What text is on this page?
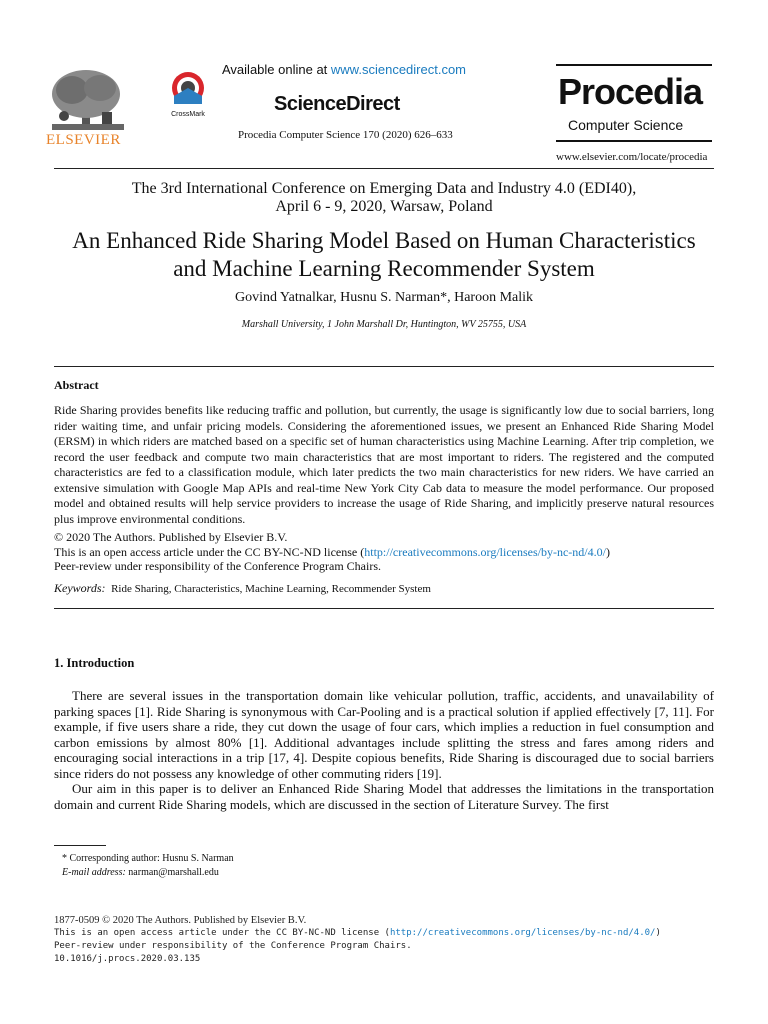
ELSEVIER
CrossMark
Available online at www.sciencedirect.com
ScienceDirect
Procedia Computer Science 170 (2020) 626–633
Procedia
Computer Science
www.elsevier.com/locate/procedia
The 3rd International Conference on Emerging Data and Industry 4.0 (EDI40),
April 6 - 9, 2020, Warsaw, Poland
An Enhanced Ride Sharing Model Based on Human Characteristics
and Machine Learning Recommender System
Govind Yatnalkar, Husnu S. Narman*, Haroon Malik
Marshall University, 1 John Marshall Dr, Huntington, WV 25755, USA
Abstract
Ride Sharing provides benefits like reducing traffic and pollution, but currently, the usage is significantly low due to social barriers, long rider waiting time, and unfair pricing models. Considering the aforementioned issues, we present an Enhanced Ride Sharing Model (ERSM) in which riders are matched based on a specific set of human characteristics using Machine Learning. After trip completion, we record the user feedback and compute two main characteristics that are most important to riders. The registered and the computed characteristics are fed to a classification module, which later predicts the two main characteristics for new riders. We have carried an extensive simulation with Google Map APIs and real-time New York City Cab data to measure the model performance. Our proposed model and obtained results will help service providers to increase the usage of Ride Sharing, and implicitly preserve natural resources plus improve environmental conditions.
© 2020 The Authors. Published by Elsevier B.V.
This is an open access article under the CC BY-NC-ND license (http://creativecommons.org/licenses/by-nc-nd/4.0/)
Peer-review under responsibility of the Conference Program Chairs.
Keywords: Ride Sharing, Characteristics, Machine Learning, Recommender System
1. Introduction

There are several issues in the transportation domain like vehicular pollution, traffic, accidents, and unavailability of parking spaces [1]. Ride Sharing is synonymous with Car-Pooling and is a practical solution if applied effectively [7, 11]. For example, if five users share a ride, they cut down the usage of four cars, which implies a reduction in fuel consumption and carbon emissions by almost 80% [1]. Additional advantages include splitting the stress and fares among riders and encouraging social interactions in a trip [17, 4]. Despite copious benefits, Ride Sharing is discouraged due to social barriers since riders do not possess any knowledge of other commuting riders [19].

Our aim in this paper is to deliver an Enhanced Ride Sharing Model that addresses the limitations in the transportation domain and current Ride Sharing models, which are discussed in the section of Literature Survey. The first

* Corresponding author: Husnu S. Narman
E-mail address: narman@marshall.edu
1877-0509 © 2020 The Authors. Published by Elsevier B.V.
This is an open access article under the CC BY-NC-ND license (http://creativecommons.org/licenses/by-nc-nd/4.0/)
Peer-review under responsibility of the Conference Program Chairs.
10.1016/j.procs.2020.03.135
